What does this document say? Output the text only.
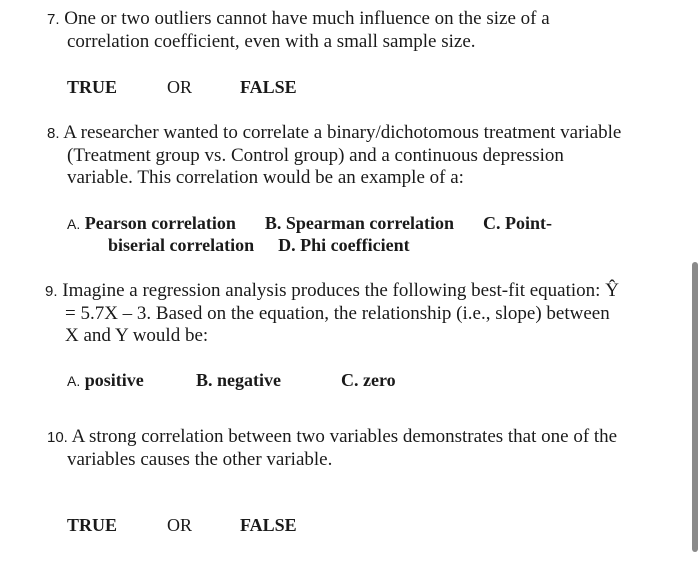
7. One or two outliers cannot have much influence on the size of a
correlation coefficient, even with a small sample size.
TRUE	OR	FALSE
8. A researcher wanted to correlate a binary/dichotomous treatment variable
(Treatment group vs. Control group) and a continuous depression
variable. This correlation would be an example of a:
A. Pearson correlation B. Spearman correlation C. Point-
biserial correlation D. Phi coefficient
9. Imagine a regression analysis produces the following best-fit equation: Ŷ
= 5.7X – 3. Based on the equation, the relationship (i.e., slope) between
X and Y would be:
A. positive	B. negative	C. zero
10. A strong correlation between two variables demonstrates that one of the
variables causes the other variable.
TRUE	OR	FALSE
